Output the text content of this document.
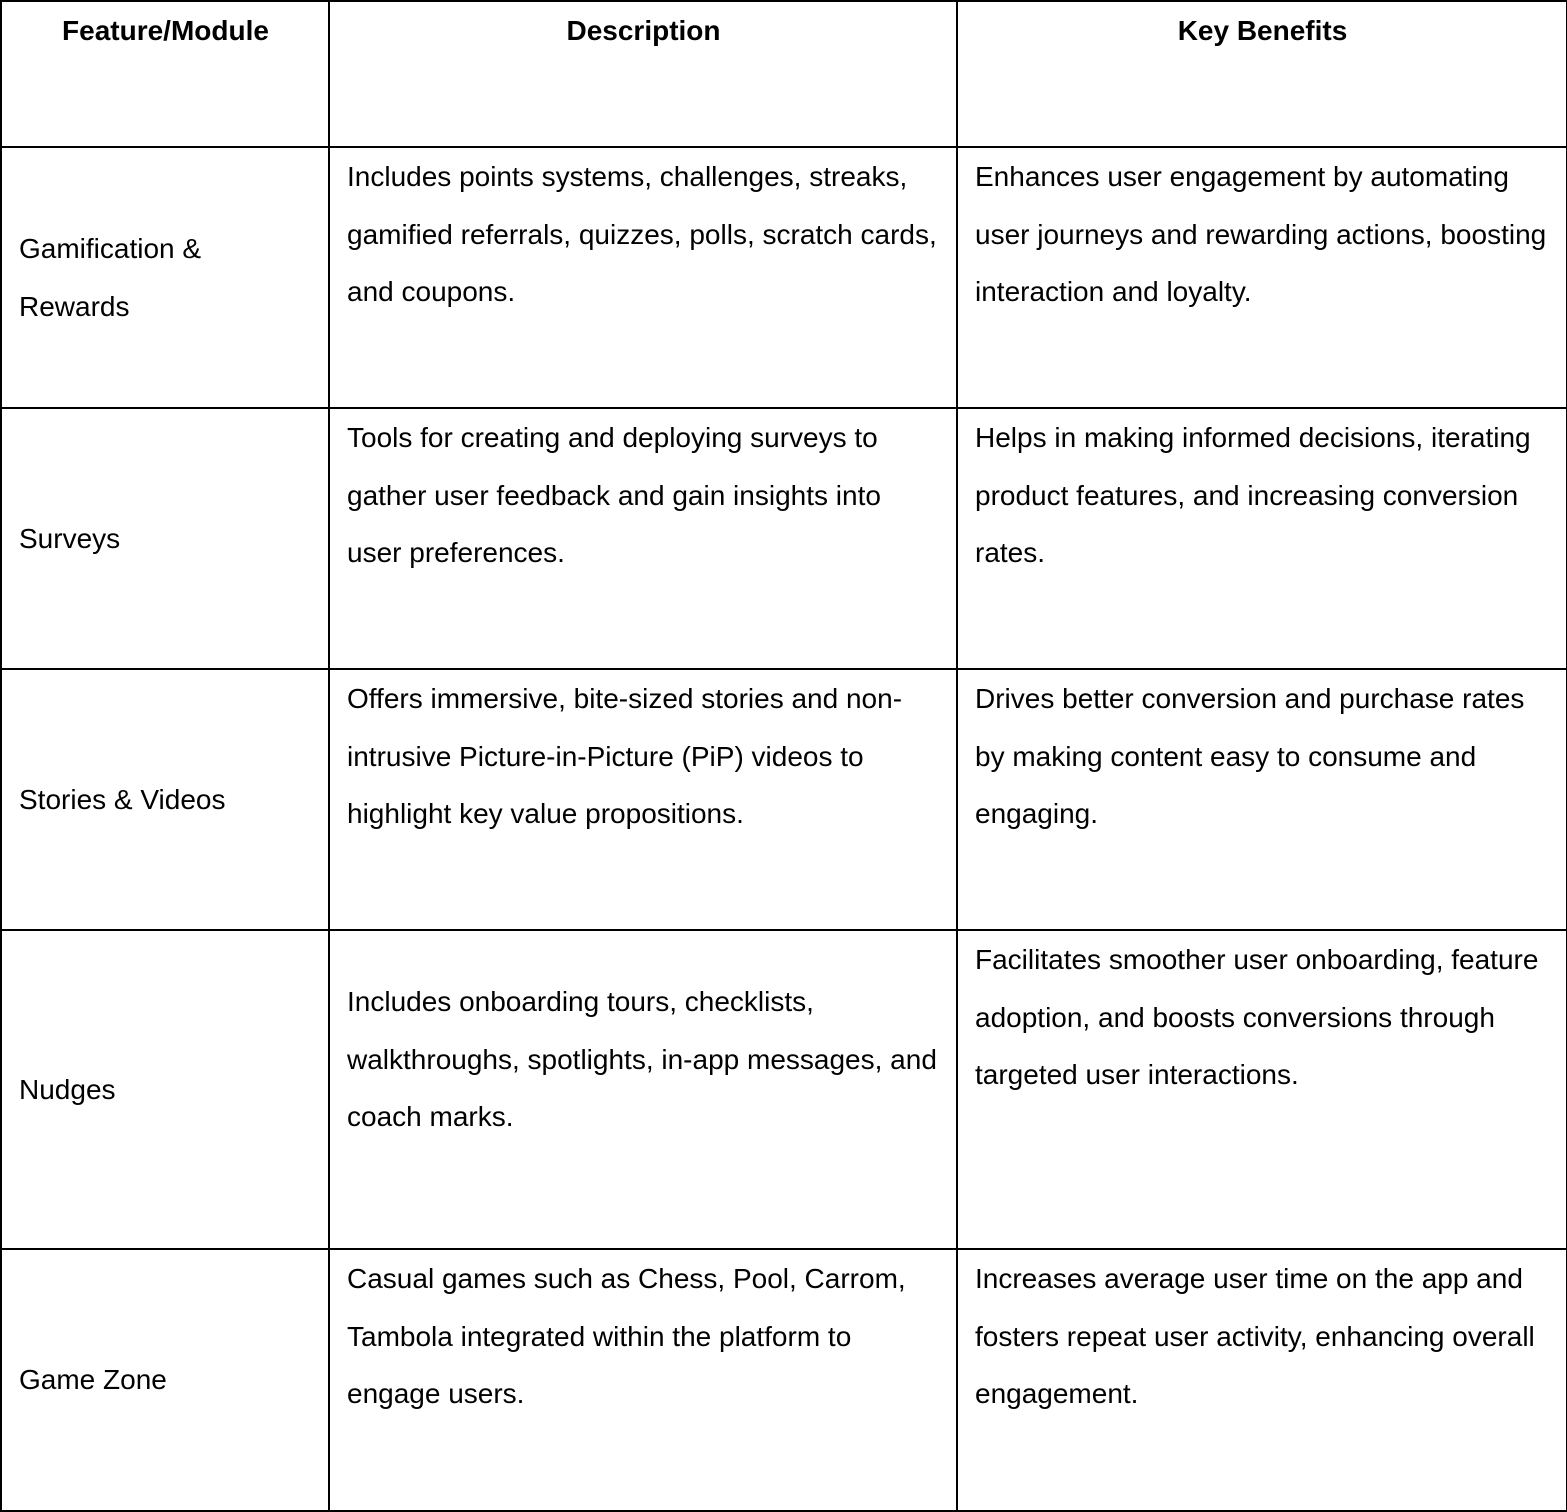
Feature/Module	Description	Key Benefits
Gamification & Rewards	Includes points systems, challenges, streaks, gamified referrals, quizzes, polls, scratch cards, and coupons.	Enhances user engagement by automating user journeys and rewarding actions, boosting interaction and loyalty.
Surveys	Tools for creating and deploying surveys to gather user feedback and gain insights into user preferences.	Helps in making informed decisions, iterating product features, and increasing conversion rates.
Stories & Videos	Offers immersive, bite-sized stories and non-intrusive Picture-in-Picture (PiP) videos to highlight key value propositions.	Drives better conversion and purchase rates by making content easy to consume and engaging.
Nudges	Includes onboarding tours, checklists, walkthroughs, spotlights, in-app messages, and coach marks.	Facilitates smoother user onboarding, feature adoption, and boosts conversions through targeted user interactions.
Game Zone	Casual games such as Chess, Pool, Carrom, Tambola integrated within the platform to engage users.	Increases average user time on the app and fosters repeat user activity, enhancing overall engagement.
